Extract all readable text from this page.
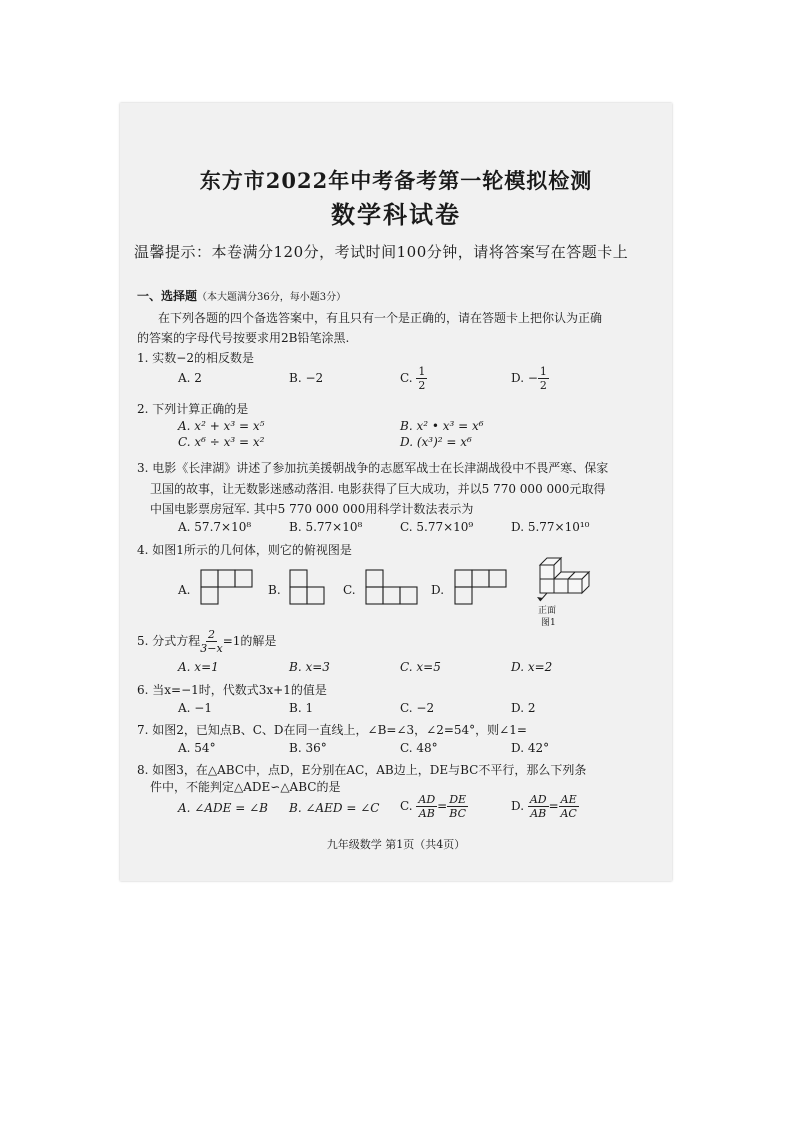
东方市2022年中考备考第一轮模拟检测
数学科试卷
温馨提示：本卷满分120分，考试时间100分钟，请将答案写在答题卡上
一、选择题（本大题满分36分，每小题3分）
在下列各题的四个备选答案中，有且只有一个是正确的，请在答题卡上把你认为正确
的答案的字母代号按要求用2B铅笔涂黑.
1. 实数−2的相反数是
A. 2	B. −2	C. $\frac{1}{2}$	D. − $\frac{1}{2}$
2. 下列计算正确的是
A. x² + x³ = x⁵	B. x² • x³ = x⁶
C. x⁶ ÷ x³ = x²	D. (x³)² = x⁶
3. 电影《长津湖》讲述了参加抗美援朝战争的志愿军战士在长津湖战役中不畏严寒、保家
卫国的故事，让无数影迷感动落泪. 电影获得了巨大成功，并以5 770 000 000元取得
中国电影票房冠军. 其中5 770 000 000用科学计数法表示为
A. 57.7×10⁸	B. 5.77×10⁸	C. 5.77×10⁹	D. 5.77×10¹⁰
4. 如图1所示的几何体，则它的俯视图是
A.	B.	C.	D.
正面
图1
5. 分式方程 $\frac{2}{3-x} =1$的解是
A. x=1	B. x=3	C. x=5	D. x=2
6. 当x=−1时，代数式3x+1的值是
A. −1	B. 1	C. −2	D. 2
7. 如图2，已知点B、C、D在同一直线上，∠B=∠3，∠2=54°，则∠1=
A. 54°	B. 36°	C. 48°	D. 42°
8. 如图3，在△ABC中，点D，E分别在AC，AB边上，DE与BC不平行，那么下列条
件中，不能判定△ADE∽△ABC的是
A. ∠ADE = ∠B B. ∠AED = ∠C C. $\frac{AD}{AB} = \frac{DE}{BC}$	D. $\frac{AD}{AB} = \frac{AE}{AC}$
九年级数学 第1页（共4页）
